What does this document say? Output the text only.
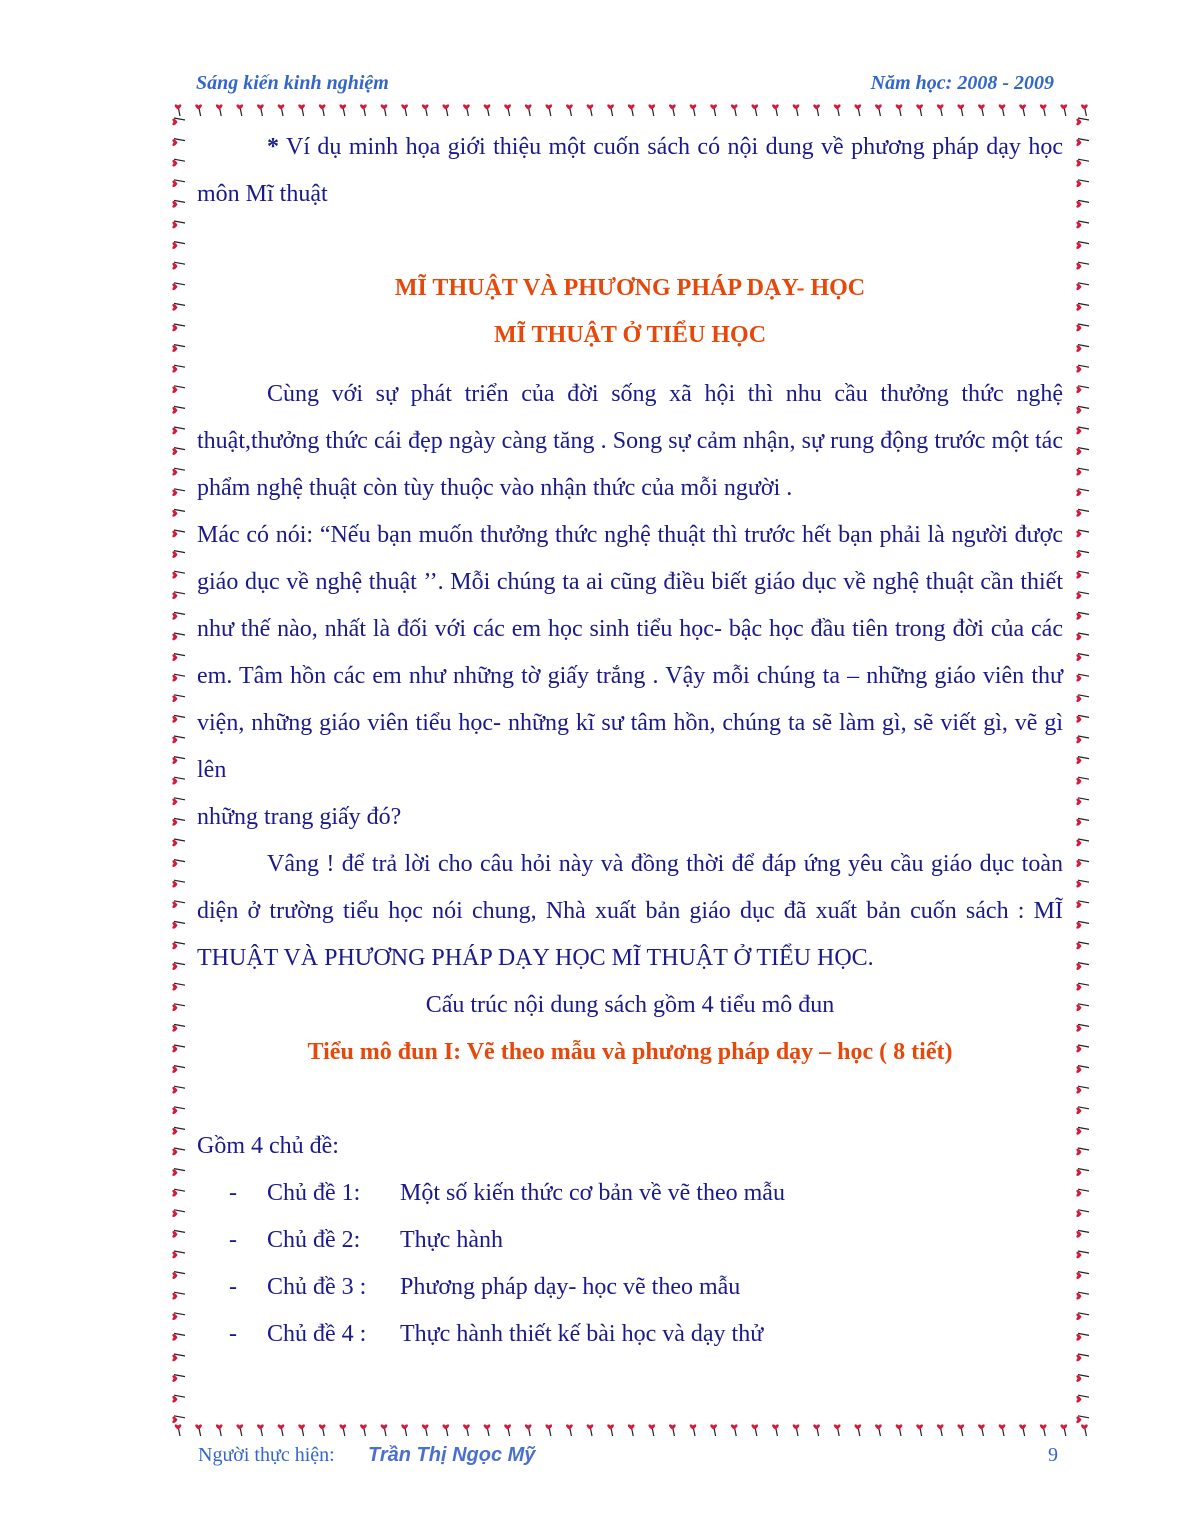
Sáng kiến kinh nghiệm	Năm học: 2008 - 2009

* Ví dụ minh họa giới thiệu một cuốn sách có nội dung về phương pháp dạy học môn Mĩ thuật

MĨ THUẬT VÀ PHƯƠNG PHÁP DẠY- HỌC

MĨ THUẬT Ở TIỂU HỌC

Cùng với sự phát triển của đời sống xã hội thì nhu cầu thưởng thức nghệ thuật,thưởng thức cái đẹp ngày càng tăng . Song sự cảm nhận, sự rung động trước một tác phẩm nghệ thuật còn tùy thuộc vào nhận thức của mỗi người .

Mác có nói: “Nếu bạn muốn thưởng thức nghệ thuật thì trước hết bạn phải là người được giáo dục về nghệ thuật ’’. Mỗi chúng ta ai cũng điều biết giáo dục về nghệ thuật cần thiết như thế nào, nhất là đối với các em học sinh tiểu học- bậc học đầu tiên trong đời của các em. Tâm hồn các em như những tờ giấy trắng . Vậy mỗi chúng ta – những giáo viên thư viện, những giáo viên tiểu học- những kĩ sư tâm hồn, chúng ta sẽ làm gì, sẽ viết gì, vẽ gì lên

những trang giấy đó?

Vâng ! để trả lời cho câu hỏi này và đồng thời để đáp ứng yêu cầu giáo dục toàn diện ở trường tiểu học nói chung, Nhà xuất bản giáo dục đã xuất bản cuốn sách : MĨ THUẬT VÀ PHƯƠNG PHÁP DẠY HỌC MĨ THUẬT Ở TIỂU HỌC.

Cấu trúc nội dung sách gồm 4 tiểu mô đun

Tiểu mô đun I: Vẽ theo mẫu và phương pháp dạy – học ( 8 tiết)

Gồm 4 chủ đề:

- Chủ đề 1: Một số kiến thức cơ bản về vẽ theo mẫu
- Chủ đề 2: Thực hành
- Chủ đề 3 : Phương pháp dạy- học vẽ theo mẫu
- Chủ đề 4 : Thực hành thiết kế bài học và dạy thử
Người thực hiện: Trần Thị Ngọc Mỹ	9
